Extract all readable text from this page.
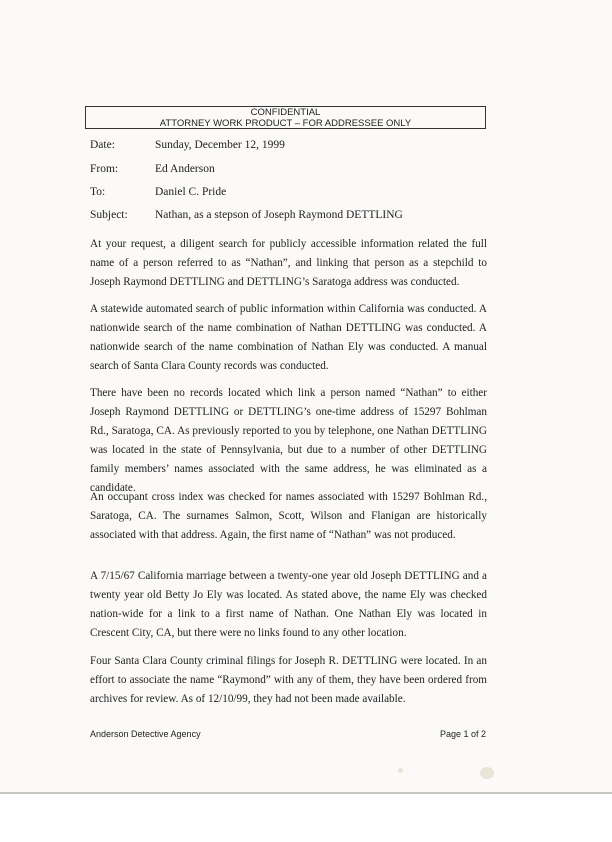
CONFIDENTIAL
ATTORNEY WORK PRODUCT – FOR ADDRESSEE ONLY
Date:	Sunday, December 12, 1999
From:	Ed Anderson
To:	Daniel C. Pride
Subject:	Nathan, as a stepson of Joseph Raymond DETTLING

At your request, a diligent search for publicly accessible information related the full name of a person referred to as “Nathan”, and linking that person as a stepchild to Joseph Raymond DETTLING and DETTLING’s Saratoga address was conducted.

A statewide automated search of public information within California was conducted. A nationwide search of the name combination of Nathan DETTLING was conducted. A nationwide search of the name combination of Nathan Ely was conducted. A manual search of Santa Clara County records was conducted.

There have been no records located which link a person named “Nathan” to either Joseph Raymond DETTLING or DETTLING’s one-time address of 15297 Bohlman Rd., Saratoga, CA. As previously reported to you by telephone, one Nathan DETTLING was located in the state of Pennsylvania, but due to a number of other DETTLING family members’ names associated with the same address, he was eliminated as a candidate.

An occupant cross index was checked for names associated with 15297 Bohlman Rd., Saratoga, CA. The surnames Salmon, Scott, Wilson and Flanigan are historically associated with that address. Again, the first name of “Nathan” was not produced.

A 7/15/67 California marriage between a twenty-one year old Joseph DETTLING and a twenty year old Betty Jo Ely was located. As stated above, the name Ely was checked nation-wide for a link to a first name of Nathan. One Nathan Ely was located in Crescent City, CA, but there were no links found to any other location.

Four Santa Clara County criminal filings for Joseph R. DETTLING were located. In an effort to associate the name “Raymond” with any of them, they have been ordered from archives for review. As of 12/10/99, they had not been made available.

Anderson Detective Agency	Page 1 of 2
